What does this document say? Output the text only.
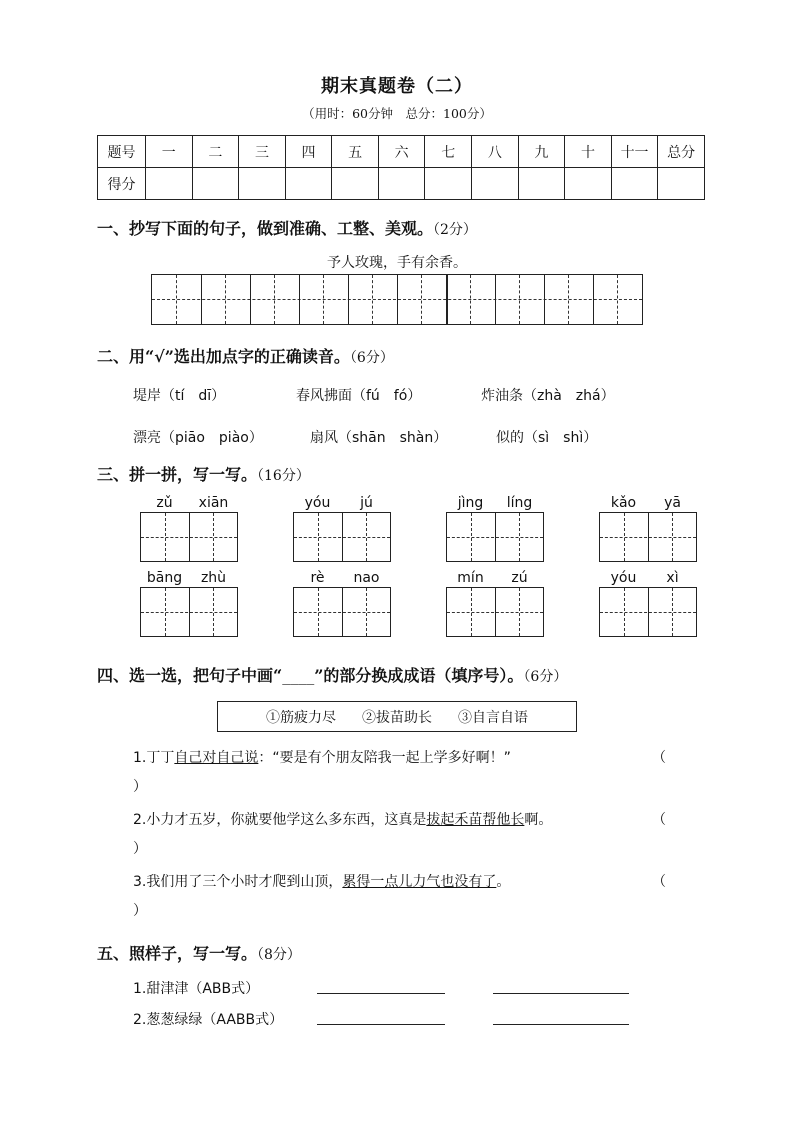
期末真题卷（二）
（用时：60分钟　总分：100分）
题号	一	二	三	四	五	六	七	八	九	十	十一	总分
得分												
一、抄写下面的句子，做到准确、工整、美观。（2分）
予人玫瑰，手有余香。
二、用“√”选出加点字的正确读音。（6分）
堤岸（tí　dī）	春风拂面（fú　fó）	炸油条（zhà　zhá）
漂亮（piāo　piào）	扇风（shān　shàn）	似的（sì　shì）
三、拼一拼，写一写。（16分）
zǔ	xiān	yóu	jú	jìng	líng	kǎo	yā
bāng	zhù	rè	nao	mín	zú	yóu	xì
四、选一选，把句子中画“____”的部分换成成语（填序号）。（6分）
①筋疲力尽 ②拔苗助长 ③自言自语
1.丁丁自己对自己说：“要是有个朋友陪我一起上学多好啊！”	（
）
2.小力才五岁，你就要他学这么多东西，这真是拔起禾苗帮他长啊。	（
）
3.我们用了三个小时才爬到山顶，累得一点儿力气也没有了。	（
）
五、照样子，写一写。（8分）
1.甜津津（ABB式）
2.葱葱绿绿（AABB式）
